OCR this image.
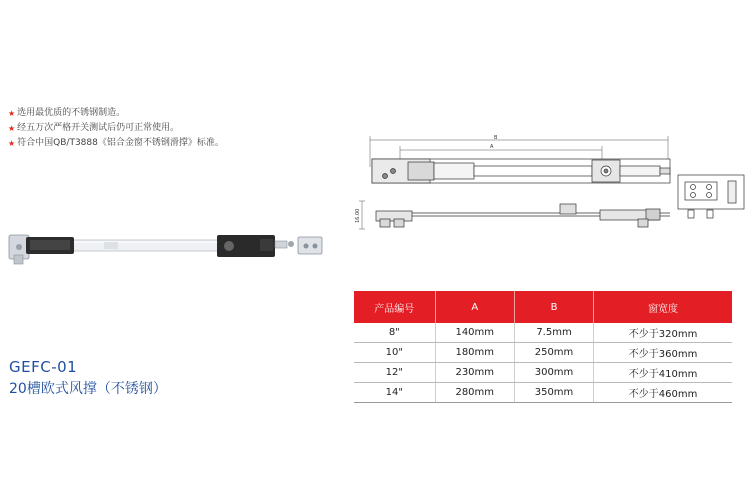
★ 选用最优质的不锈钢制造。
★ 经五万次严格开关测试后仍可正常使用。
★ 符合中国QB/T3888《铝合金窗不锈钢滑撑》标准。
GEFC-01
20槽欧式风撑（不锈钢）
B
A
16.00
产品编号	A	B	窗宽度
8"	140mm	7.5mm	不少于320mm
10"	180mm	250mm	不少于360mm
12"	230mm	300mm	不少于410mm
14"	280mm	350mm	不少于460mm
